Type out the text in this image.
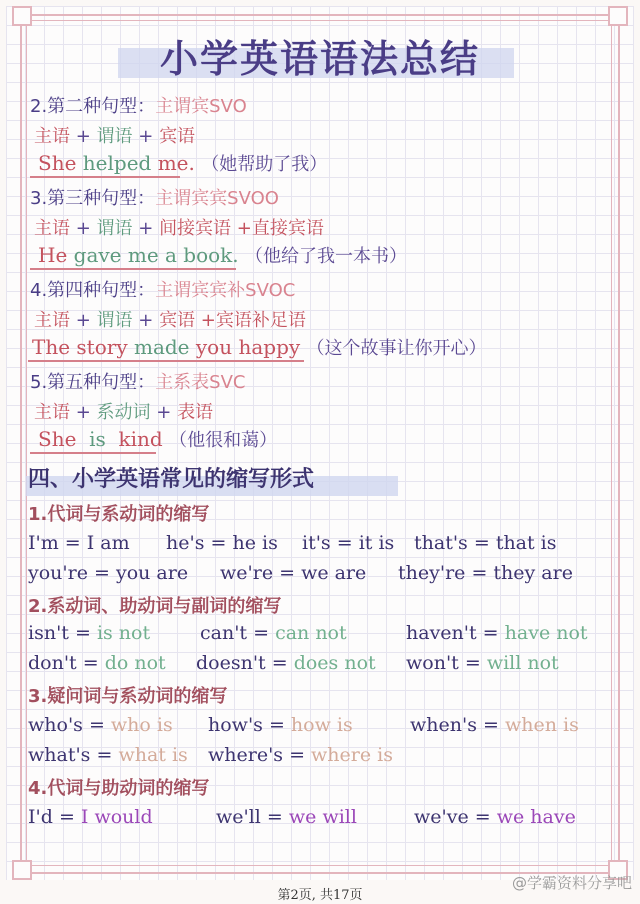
小学英语语法总结
2.第二种句型：主谓宾SVO
主语 + 谓语 + 宾语
She helped me. （她帮助了我）
3.第三种句型：主谓宾宾SVOO
主语 + 谓语 + 间接宾语 +直接宾语
He gave me a book. （他给了我一本书）
4.第四种句型：主谓宾宾补SVOC
主语 + 谓语 + 宾语 +宾语补足语
The story made you happy （这个故事让你开心）
5.第五种句型：主系表SVC
主语 + 系动词 + 表语
She is kind （他很和蔼）
四、小学英语常见的缩写形式
1.代词与系动词的缩写
I'm = I am he's = he is it's = it is that's = that is
you're = you are we're = we are they're = they are
2.系动词、助动词与副词的缩写
isn't = is not	can't = can not	haven't = have not
don't = do not doesn't = does not won't = will not
3.疑问词与系动词的缩写
who's = who is how's = how is	when's = when is
what's = what is where's = where is
4.代词与助动词的缩写
I'd = I would	we'll = we will	we've = we have
第2页, 共17页
@学霸资料分享吧
